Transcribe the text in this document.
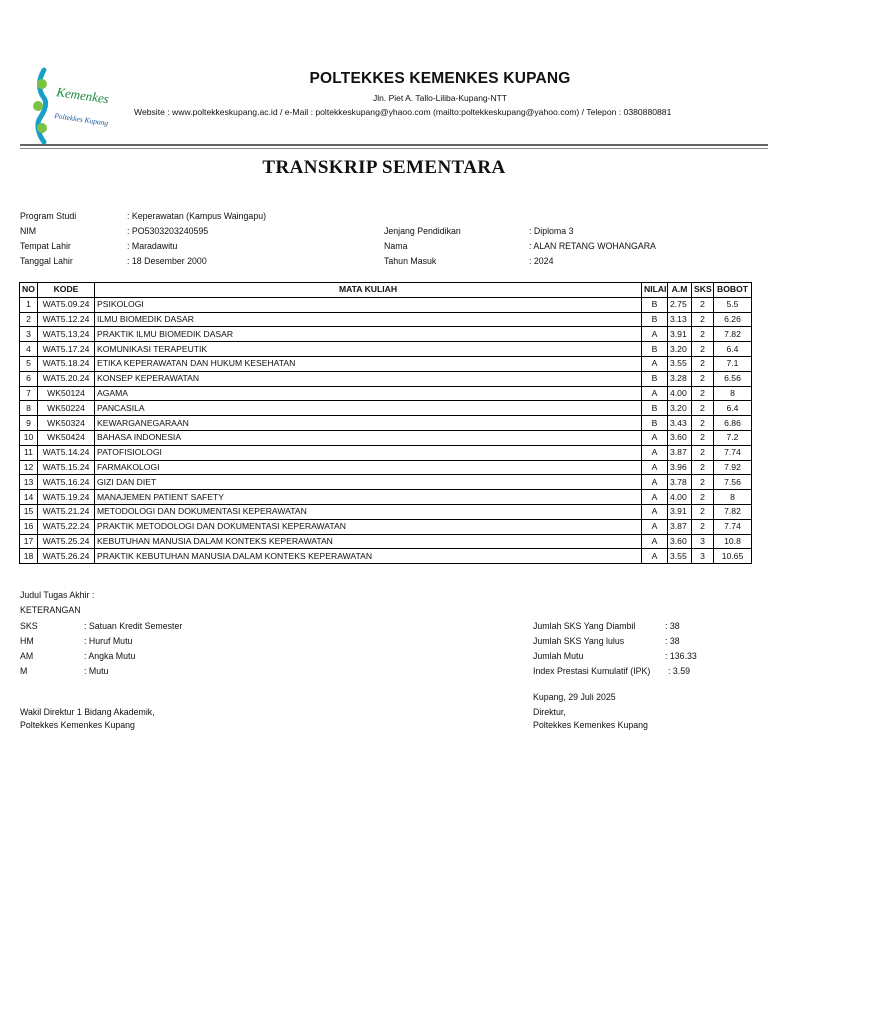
Kemenkes
Poltekkes Kupang
POLTEKKES KEMENKES KUPANG
Jln. Piet A. Tallo-Liliba-Kupang-NTT
Website : www.poltekkeskupang.ac.id / e-Mail : poltekkeskupang@yhaoo.com (mailto:poltekkeskupang@yahoo.com) / Telepon : 0380880881
TRANSKRIP SEMENTARA
Program Studi	: Keperawatan (Kampus Waingapu)
NIM	: PO5303203240595
Tempat Lahir	: Maradawitu
Tanggal Lahir	: 18 Desember 2000
Jenjang Pendidikan	: Diploma 3
Nama	: ALAN RETANG WOHANGARA
Tahun Masuk	: 2024
NO	KODE	MATA KULIAH	NILAI	A.M	SKS	BOBOT
1	WAT5.09.24	PSIKOLOGI	B	2.75	2	5.5
2	WAT5.12.24	ILMU BIOMEDIK DASAR	B	3.13	2	6.26
3	WAT5.13.24	PRAKTIK ILMU BIOMEDIK DASAR	A	3.91	2	7.82
4	WAT5.17.24	KOMUNIKASI TERAPEUTIK	B	3.20	2	6.4
5	WAT5.18.24	ETIKA KEPERAWATAN DAN HUKUM KESEHATAN	A	3.55	2	7.1
6	WAT5.20.24	KONSEP KEPERAWATAN	B	3.28	2	6.56
7	WK50124	AGAMA	A	4.00	2	8
8	WK50224	PANCASILA	B	3.20	2	6.4
9	WK50324	KEWARGANEGARAAN	B	3.43	2	6.86
10	WK50424	BAHASA INDONESIA	A	3.60	2	7.2
11	WAT5.14.24	PATOFISIOLOGI	A	3.87	2	7.74
12	WAT5.15.24	FARMAKOLOGI	A	3.96	2	7.92
13	WAT5.16.24	GIZI DAN DIET	A	3.78	2	7.56
14	WAT5.19.24	MANAJEMEN PATIENT SAFETY	A	4.00	2	8
15	WAT5.21.24	METODOLOGI DAN DOKUMENTASI KEPERAWATAN	A	3.91	2	7.82
16	WAT5.22.24	PRAKTIK METODOLOGI DAN DOKUMENTASI KEPERAWATAN	A	3.87	2	7.74
17	WAT5.25.24	KEBUTUHAN MANUSIA DALAM KONTEKS KEPERAWATAN	A	3.60	3	10.8
18	WAT5.26.24	PRAKTIK KEBUTUHAN MANUSIA DALAM KONTEKS KEPERAWATAN	A	3.55	3	10.65
Judul Tugas Akhir :
KETERANGAN
SKS	: Satuan Kredit Semester
HM	: Huruf Mutu
AM	: Angka Mutu
M	: Mutu
Jumlah SKS Yang Diambil	: 38
Jumlah SKS Yang lulus	: 38
Jumlah Mutu	: 136.33
Index Prestasi Kumulatif (IPK) : 3.59
Kupang, 29 Juli 2025
Wakil Direktur 1 Bidang Akademik,
Poltekkes Kemenkes Kupang
Direktur,
Poltekkes Kemenkes Kupang
